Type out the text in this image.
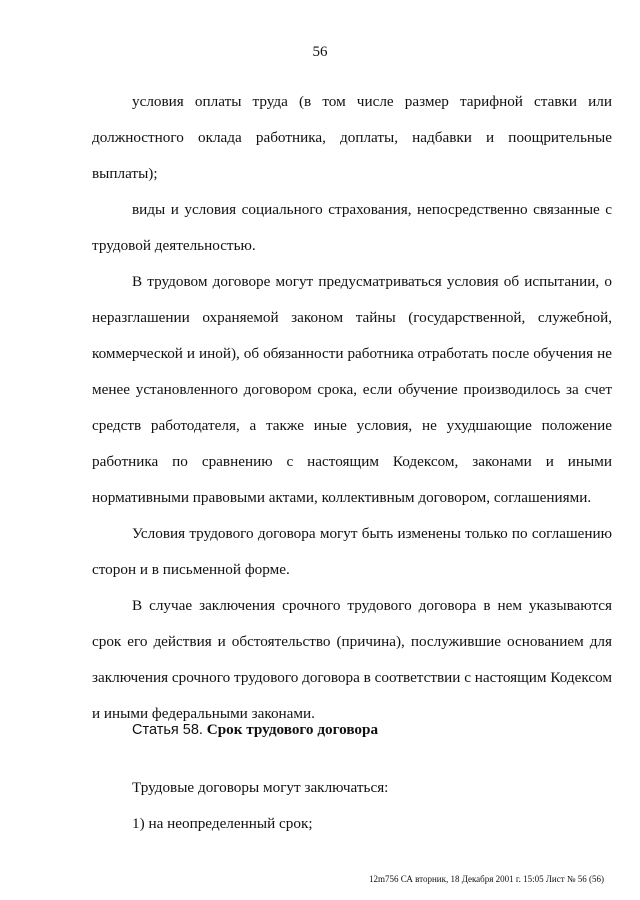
56

условия оплаты труда (в том числе размер тарифной ставки или должностного оклада работника, доплаты, надбавки и поощрительные выплаты);

виды и условия социального страхования, непосредственно связанные с трудовой деятельностью.

В трудовом договоре могут предусматриваться условия об испытании, о неразглашении охраняемой законом тайны (государственной, служебной, коммерческой и иной), об обязанности работника отработать после обучения не менее установленного договором срока, если обучение производилось за счет средств работодателя, а также иные условия, не ухудшающие положение работника по сравнению с настоящим Кодексом, законами и иными нормативными правовыми актами, коллективным договором, соглашениями.

Условия трудового договора могут быть изменены только по соглашению сторон и в письменной форме.

В случае заключения срочного трудового договора в нем указываются срок его действия и обстоятельство (причина), послужившие основанием для заключения срочного трудового договора в соответствии с настоящим Кодексом и иными федеральными законами.

Статья 58. Срок трудового договора

Трудовые договоры могут заключаться:

1) на неопределенный срок;

12m756 СА вторник, 18 Декабря 2001 г. 15:05 Лист № 56 (56)
